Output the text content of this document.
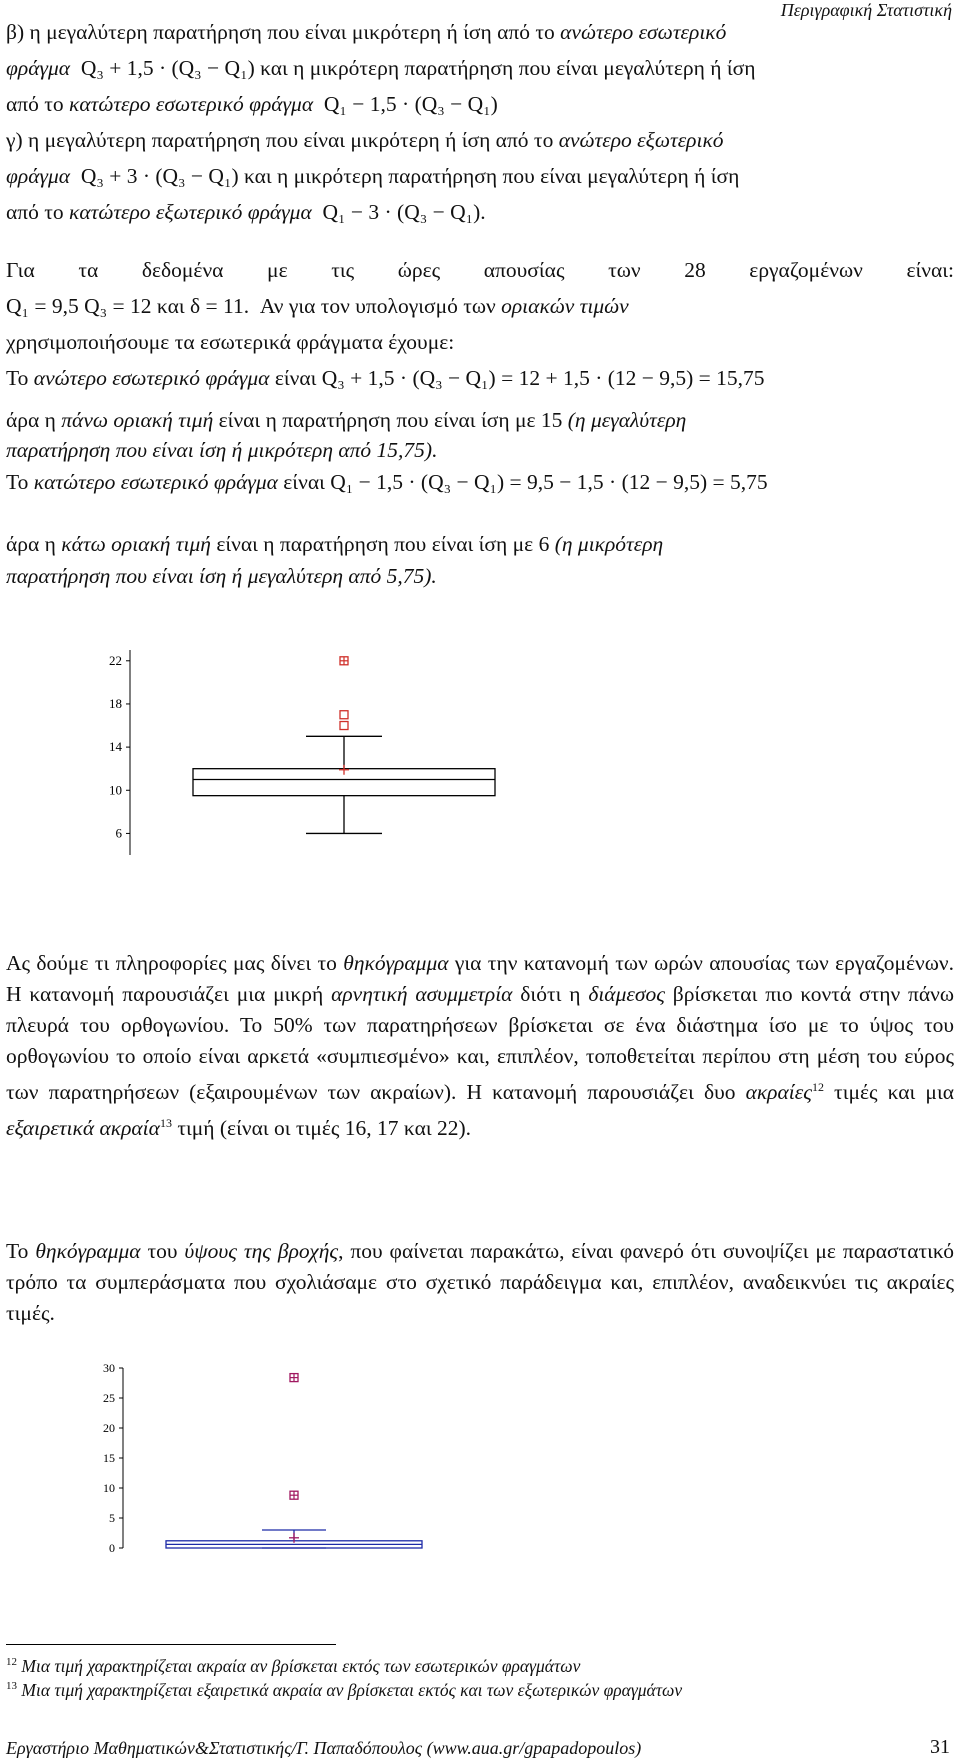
Περιγραφική Στατιστική
β) η μεγαλύτερη παρατήρηση που είναι μικρότερη ή ίση από το ανώτερο εσωτερικό
φράγμα Q₃ + 1,5 · (Q₃ − Q₁) και η μικρότερη παρατήρηση που είναι μεγαλύτερη ή ίση
από το κατώτερο εσωτερικό φράγμα Q₁ − 1,5 · (Q₃ − Q₁)
γ) η μεγαλύτερη παρατήρηση που είναι μικρότερη ή ίση από το ανώτερο εξωτερικό
φράγμα Q₃ + 3 · (Q₃ − Q₁) και η μικρότερη παρατήρηση που είναι μεγαλύτερη ή ίση
από το κατώτερο εξωτερικό φράγμα Q₁ − 3 · (Q₃ − Q₁).
Για τα δεδομένα με τις ώρες απουσίας των 28 εργαζομένων είναι:
Q₁ = 9,5 Q₃ = 12 και δ = 11. Αν για τον υπολογισμό των οριακών τιμών
χρησιμοποιήσουμε τα εσωτερικά φράγματα έχουμε:
Το ανώτερο εσωτερικό φράγμα είναι Q₃ + 1,5 · (Q₃ − Q₁) = 12 + 1,5 · (12 − 9,5) = 15,75
άρα η πάνω οριακή τιμή είναι η παρατήρηση που είναι ίση με 15 (η μεγαλύτερη
παρατήρηση που είναι ίση ή μικρότερη από 15,75).
Το κατώτερο εσωτερικό φράγμα είναι Q₁ − 1,5 · (Q₃ − Q₁) = 9,5 − 1,5 · (12 − 9,5) = 5,75
άρα η κάτω οριακή τιμή είναι η παρατήρηση που είναι ίση με 6 (η μικρότερη
παρατήρηση που είναι ίση ή μεγαλύτερη από 5,75).
22
18
14
10
6
Ας δούμε τι πληροφορίες μας δίνει το θηκόγραμμα για την κατανομή των ωρών απουσίας των εργαζομένων. Η κατανομή παρουσιάζει μια μικρή αρνητική ασυμμετρία διότι η διάμεσος βρίσκεται πιο κοντά στην πάνω πλευρά του ορθογωνίου. Το 50% των παρατηρήσεων βρίσκεται σε ένα διάστημα ίσο με το ύψος του ορθογωνίου το οποίο είναι αρκετά «συμπιεσμένο» και, επιπλέον, τοποθετείται περίπου στη μέση του εύρος των παρατηρήσεων (εξαιρουμένων των ακραίων). Η κατανομή παρουσιάζει δυο ακραίες$^{12}$ τιμές και μια εξαιρετικά ακραία$^{13}$ τιμή (είναι οι τιμές 16, 17 και 22).
Το θηκόγραμμα του ύψους της βροχής, που φαίνεται παρακάτω, είναι φανερό ότι συνοψίζει με παραστατικό τρόπο τα συμπεράσματα που σχολιάσαμε στο σχετικό παράδειγμα και, επιπλέον, αναδεικνύει τις ακραίες τιμές.
30
25
20
15
10
5
0
$^{12}$ Μια τιμή χαρακτηρίζεται ακραία αν βρίσκεται εκτός των εσωτερικών φραγμάτων
$^{13}$ Μια τιμή χαρακτηρίζεται εξαιρετικά ακραία αν βρίσκεται εκτός και των εξωτερικών φραγμάτων
Εργαστήριο Μαθηματικών&Στατιστικής/Γ. Παπαδόπουλος (www.aua.gr/gpapadopoulos)	31
